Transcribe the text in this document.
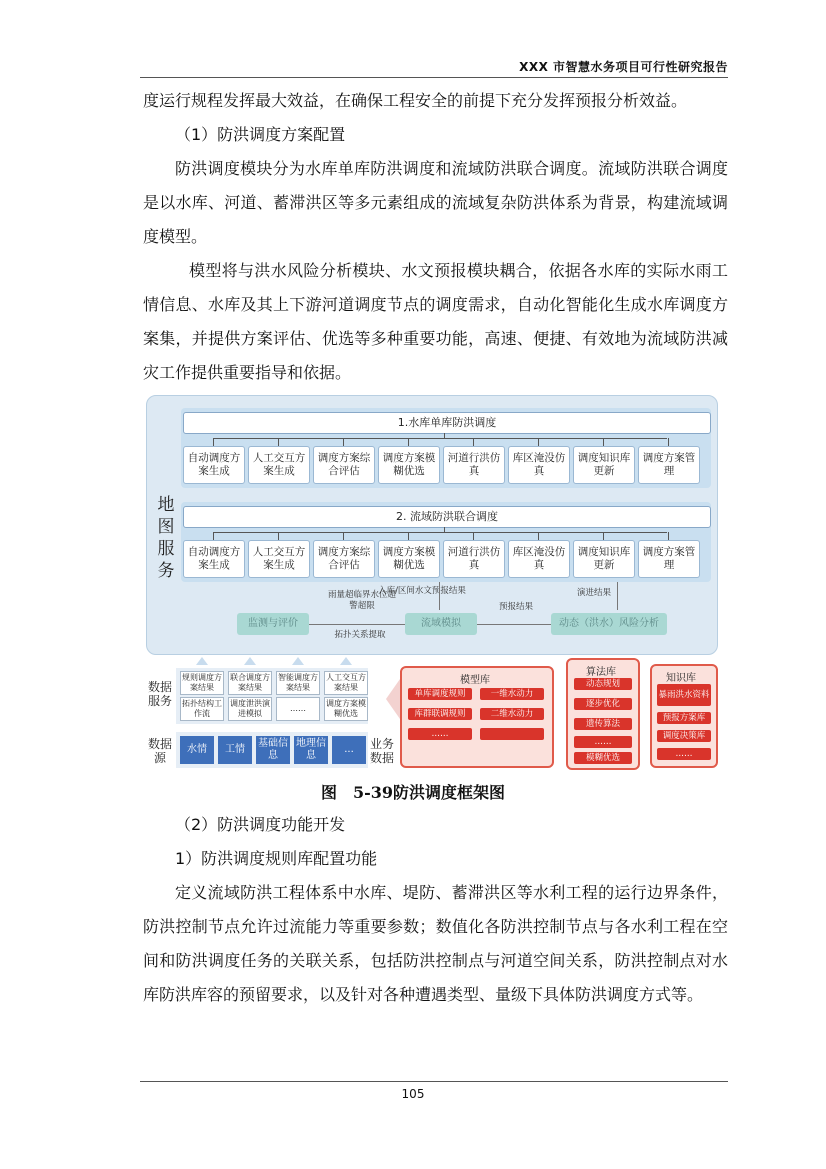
XXX 市智慧水务项目可行性研究报告
度运行规程发挥最大效益，在确保工程安全的前提下充分发挥预报分析效益。
（1）防洪调度方案配置
防洪调度模块分为水库单库防洪调度和流域防洪联合调度。流域防洪联合调度是以水库、河道、蓄滞洪区等多元素组成的流域复杂防洪体系为背景，构建流域调度模型。
模型将与洪水风险分析模块、水文预报模块耦合，依据各水库的实际水雨工情信息、水库及其上下游河道调度节点的调度需求，自动化智能化生成水库调度方案集，并提供方案评估、优选等多种重要功能，高速、便捷、有效地为流域防洪减灾工作提供重要指导和依据。
地图服务
1.水库单库防洪调度
自动调度方案生成
人工交互方案生成
调度方案综合评估
调度方案模糊优选
河道行洪仿真
库区淹没仿真
调度知识库更新
调度方案管理
2. 流域防洪联合调度
自动调度方案生成
人工交互方案生成
调度方案综合评估
调度方案模糊优选
河道行洪仿真
库区淹没仿真
调度知识库更新
调度方案管理
雨量超临界水位超警超限
入库/区间水文预报结果
预报结果
演进结果
拓扑关系提取
监测与评价	流域模拟	动态（洪水）风险分析
数据服务
数据源
业务数据
规则调度方案结果
联合调度方案结果
智能调度方案结果
人工交互方案结果
拓扑结构工作流
调度泄洪演进模拟
……
调度方案模糊优选
水情	工情
基础信息
地理信息
...
模型库
单库调度规则	一维水动力
库群联调规则	二维水动力
……
算法库
动态规划
逐步优化
遗传算法
……
模糊优选
知识库
暴雨洪水资料
预报方案库
调度决策库
……
图　5-39防洪调度框架图
（2）防洪调度功能开发
1）防洪调度规则库配置功能
定义流域防洪工程体系中水库、堤防、蓄滞洪区等水利工程的运行边界条件，防洪控制节点允许过流能力等重要参数；数值化各防洪控制节点与各水利工程在空间和防洪调度任务的关联关系，包括防洪控制点与河道空间关系，防洪控制点对水库防洪库容的预留要求，以及针对各种遭遇类型、量级下具体防洪调度方式等。
105
